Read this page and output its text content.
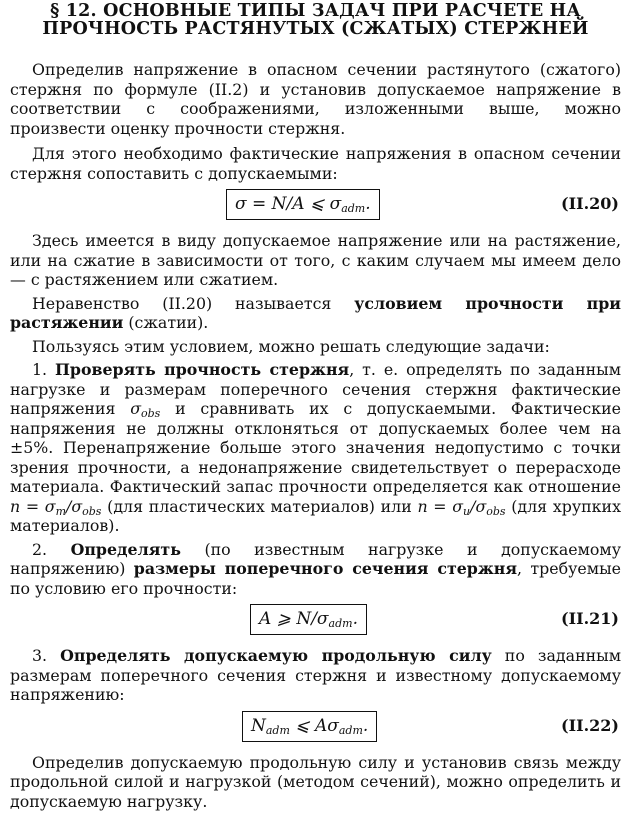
§ 12. ОСНОВНЫЕ ТИПЫ ЗАДАЧ ПРИ РАСЧЕТЕ НА
ПРОЧНОСТЬ РАСТЯНУТЫХ (СЖАТЫХ) СТЕРЖНЕЙ

Определив напряжение в опасном сечении растянутого (сжатого) стержня по формуле (II.2) и установив допускаемое напряжение в соответствии с соображениями, изложенными выше, можно произвести оценку прочности стержня.

Для этого необходимо фактические напряжения в опасном сечении стержня сопоставить с допускаемыми:

σ = N/A ⩽ $\sigma_{adm}$.	(II.20)

Здесь имеется в виду допускаемое напряжение или на растяжение, или на сжатие в зависимости от того, с каким случаем мы имеем дело — с растяжением или сжатием.

Неравенство (II.20) называется условием прочности при растяжении (сжатии).

Пользуясь этим условием, можно решать следующие задачи:

1. Проверять прочность стержня, т. е. определять по заданным нагрузке и размерам поперечного сечения стержня фактические напряжения $\sigma_{obs}$ и сравнивать их с допускаемыми. Фактические напряжения не должны отклоняться от допускаемых более чем на ±5%. Перенапряжение больше этого значения недопустимо с точки зрения прочности, а недонапряжение свидетельствует о перерасходе материала. Фактический запас прочности определяется как отношение $n = \sigma_т/\sigma_{obs}$ (для пластических материалов) или $n = \sigma_u/\sigma_{obs}$ (для хрупких материалов).

2. Определять (по известным нагрузке и допускаемому напряжению) размеры поперечного сечения стержня, требуемые по условию его прочности:

A ⩾ $N/\sigma_{adm}$.	(II.21)

3. Определять допускаемую продольную силу по заданным размерам поперечного сечения стержня и известному допускаемому напряжению:

$N_{adm}$ ⩽ $A\sigma_{adm}$.	(II.22)

Определив допускаемую продольную силу и установив связь между продольной силой и нагрузкой (методом сечений), можно определить и допускаемую нагрузку.
